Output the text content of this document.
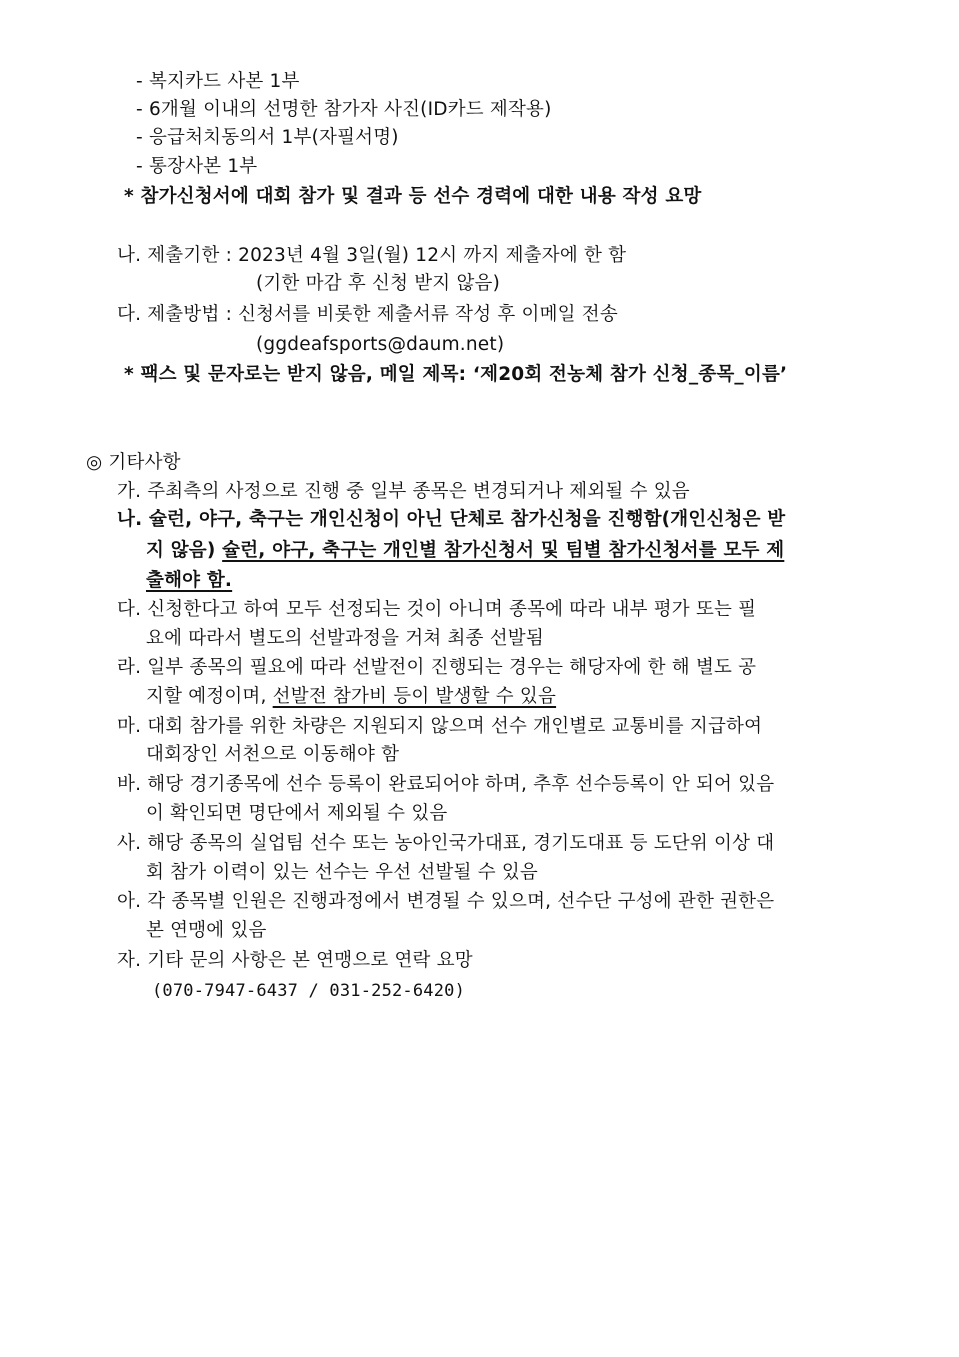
- 복지카드 사본 1부
- 6개월 이내의 선명한 참가자 사진(ID카드 제작용)
- 응급처치동의서 1부(자필서명)
- 통장사본 1부
* 참가신청서에 대회 참가 및 결과 등 선수 경력에 대한 내용 작성 요망
나. 제출기한 : 2023년 4월 3일(월) 12시 까지 제출자에 한 함
(기한 마감 후 신청 받지 않음)
다. 제출방법 : 신청서를 비롯한 제출서류 작성 후 이메일 전송
(ggdeafsports@daum.net)
* 팩스 및 문자로는 받지 않음, 메일 제목: ‘제20회 전농체 참가 신청_종목_이름’
◎ 기타사항
가. 주최측의 사정으로 진행 중 일부 종목은 변경되거나 제외될 수 있음
나. 슐런, 야구, 축구는 개인신청이 아닌 단체로 참가신청을 진행함(개인신청은 받
지 않음) 슐런, 야구, 축구는 개인별 참가신청서 및 팀별 참가신청서를 모두 제
출해야 함.
다. 신청한다고 하여 모두 선정되는 것이 아니며 종목에 따라 내부 평가 또는 필
요에 따라서 별도의 선발과정을 거쳐 최종 선발됨
라. 일부 종목의 필요에 따라 선발전이 진행되는 경우는 해당자에 한 해 별도 공
지할 예정이며, 선발전 참가비 등이 발생할 수 있음
마. 대회 참가를 위한 차량은 지원되지 않으며 선수 개인별로 교통비를 지급하여
대회장인 서천으로 이동해야 함
바. 해당 경기종목에 선수 등록이 완료되어야 하며, 추후 선수등록이 안 되어 있음
이 확인되면 명단에서 제외될 수 있음
사. 해당 종목의 실업팀 선수 또는 농아인국가대표, 경기도대표 등 도단위 이상 대
회 참가 이력이 있는 선수는 우선 선발될 수 있음
아. 각 종목별 인원은 진행과정에서 변경될 수 있으며, 선수단 구성에 관한 권한은
본 연맹에 있음
자. 기타 문의 사항은 본 연맹으로 연락 요망
(070-7947-6437 / 031-252-6420)
